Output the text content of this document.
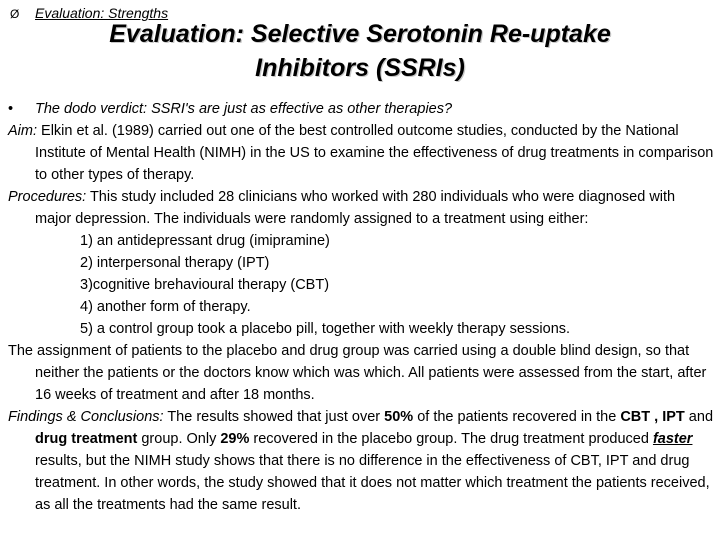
Ø Evaluation: Strengths
Evaluation: Selective Serotonin Re-uptake
Inhibitors (SSRIs)

• The dodo verdict: SSRI's are just as effective as other therapies?

Aim: Elkin et al. (1989) carried out one of the best controlled outcome studies, conducted by the National Institute of Mental Health (NIMH) in the US to examine the effectiveness of drug treatments in comparison to other types of therapy.

Procedures: This study included 28 clinicians who worked with 280 individuals who were diagnosed with major depression. The individuals were randomly assigned to a treatment using either:

1) an antidepressant drug (imipramine)

2) interpersonal therapy (IPT)

3)cognitive brehavioural therapy (CBT)

4) another form of therapy.

5) a control group took a placebo pill, together with weekly therapy sessions.

The assignment of patients to the placebo and drug group was carried using a double blind design, so that neither the patients or the doctors know which was which. All patients were assessed from the start, after 16 weeks of treatment and after 18 months.

Findings & Conclusions: The results showed that just over 50% of the patients recovered in the CBT , IPT and drug treatment group. Only 29% recovered in the placebo group. The drug treatment produced faster results, but the NIMH study shows that there is no difference in the effectiveness of CBT, IPT and drug treatment. In other words, the study showed that it does not matter which treatment the patients received, as all the treatments had the same result.
